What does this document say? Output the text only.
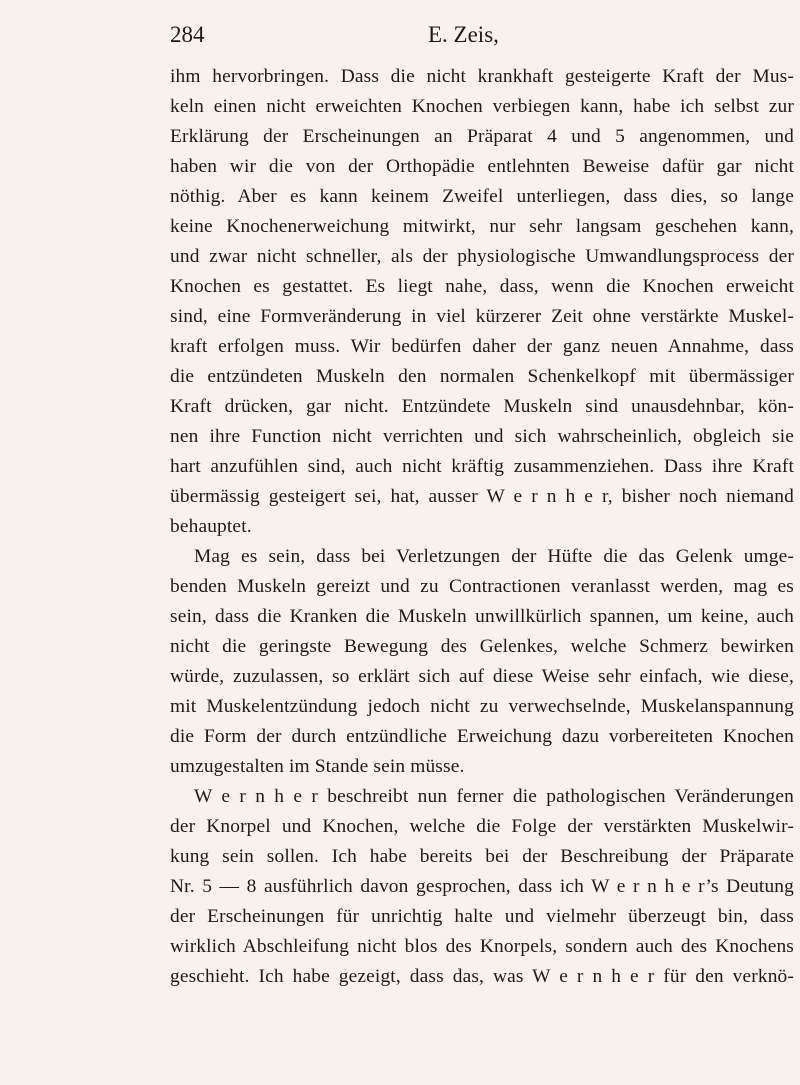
284	E. Zeis,
ihm hervorbringen. Dass die nicht krankhaft gesteigerte Kraft der Mus-
keln einen nicht erweichten Knochen verbiegen kann, habe ich selbst zur
Erklärung der Erscheinungen an Präparat 4 und 5 angenommen, und
haben wir die von der Orthopädie entlehnten Beweise dafür gar nicht
nöthig. Aber es kann keinem Zweifel unterliegen, dass dies, so lange
keine Knochenerweichung mitwirkt, nur sehr langsam geschehen kann,
und zwar nicht schneller, als der physiologische Umwandlungsprocess der
Knochen es gestattet. Es liegt nahe, dass, wenn die Knochen erweicht
sind, eine Formveränderung in viel kürzerer Zeit ohne verstärkte Muskel-
kraft erfolgen muss. Wir bedürfen daher der ganz neuen Annahme, dass
die entzündeten Muskeln den normalen Schenkelkopf mit übermässiger
Kraft drücken, gar nicht. Entzündete Muskeln sind unausdehnbar, kön-
nen ihre Function nicht verrichten und sich wahrscheinlich, obgleich sie
hart anzufühlen sind, auch nicht kräftig zusammenziehen. Dass ihre Kraft
übermässig gesteigert sei, hat, ausser W e r n h e r, bisher noch niemand
behauptet.
Mag es sein, dass bei Verletzungen der Hüfte die das Gelenk umge-
benden Muskeln gereizt und zu Contractionen veranlasst werden, mag es
sein, dass die Kranken die Muskeln unwillkürlich spannen, um keine, auch
nicht die geringste Bewegung des Gelenkes, welche Schmerz bewirken
würde, zuzulassen, so erklärt sich auf diese Weise sehr einfach, wie diese,
mit Muskelentzündung jedoch nicht zu verwechselnde, Muskelanspannung
die Form der durch entzündliche Erweichung dazu vorbereiteten Knochen
umzugestalten im Stande sein müsse.
W e r n h e r beschreibt nun ferner die pathologischen Veränderungen
der Knorpel und Knochen, welche die Folge der verstärkten Muskelwir-
kung sein sollen. Ich habe bereits bei der Beschreibung der Präparate
Nr. 5 — 8 ausführlich davon gesprochen, dass ich W e r n h e r’s Deutung
der Erscheinungen für unrichtig halte und vielmehr überzeugt bin, dass
wirklich Abschleifung nicht blos des Knorpels, sondern auch des Knochens
geschieht. Ich habe gezeigt, dass das, was W e r n h e r für den verknö-
